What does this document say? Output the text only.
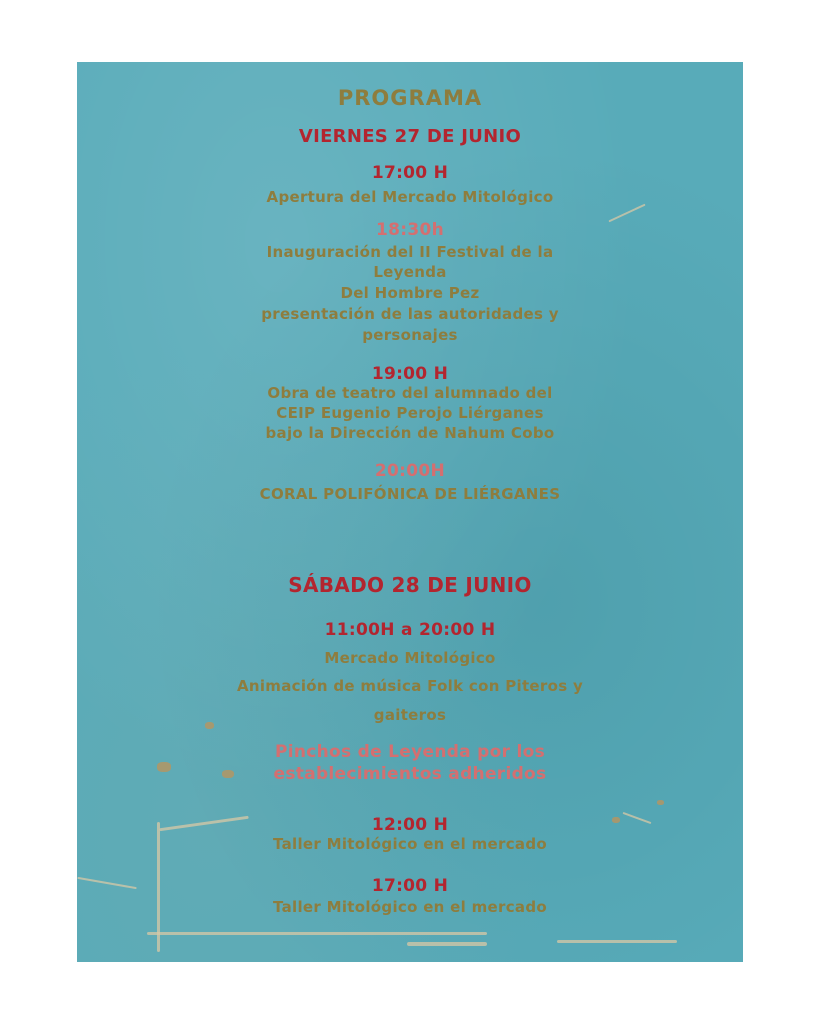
PROGRAMA
VIERNES 27 DE JUNIO
17:00 H
Apertura del Mercado Mitológico
18:30h
Inauguración del II Festival de la
Leyenda
Del Hombre Pez
presentación de las autoridades y
personajes
19:00 H
Obra de teatro del alumnado del
CEIP Eugenio Perojo Liérganes
bajo la Dirección de Nahum Cobo
20:00H
CORAL POLIFÓNICA DE LIÉRGANES
SÁBADO 28 DE JUNIO
11:00H a 20:00 H
Mercado Mitológico
Animación de música Folk con Piteros y
gaiteros
Pinchos de Leyenda por los
establecimientos adheridos
12:00 H
Taller Mitológico en el mercado
17:00 H
Taller Mitológico en el mercado
